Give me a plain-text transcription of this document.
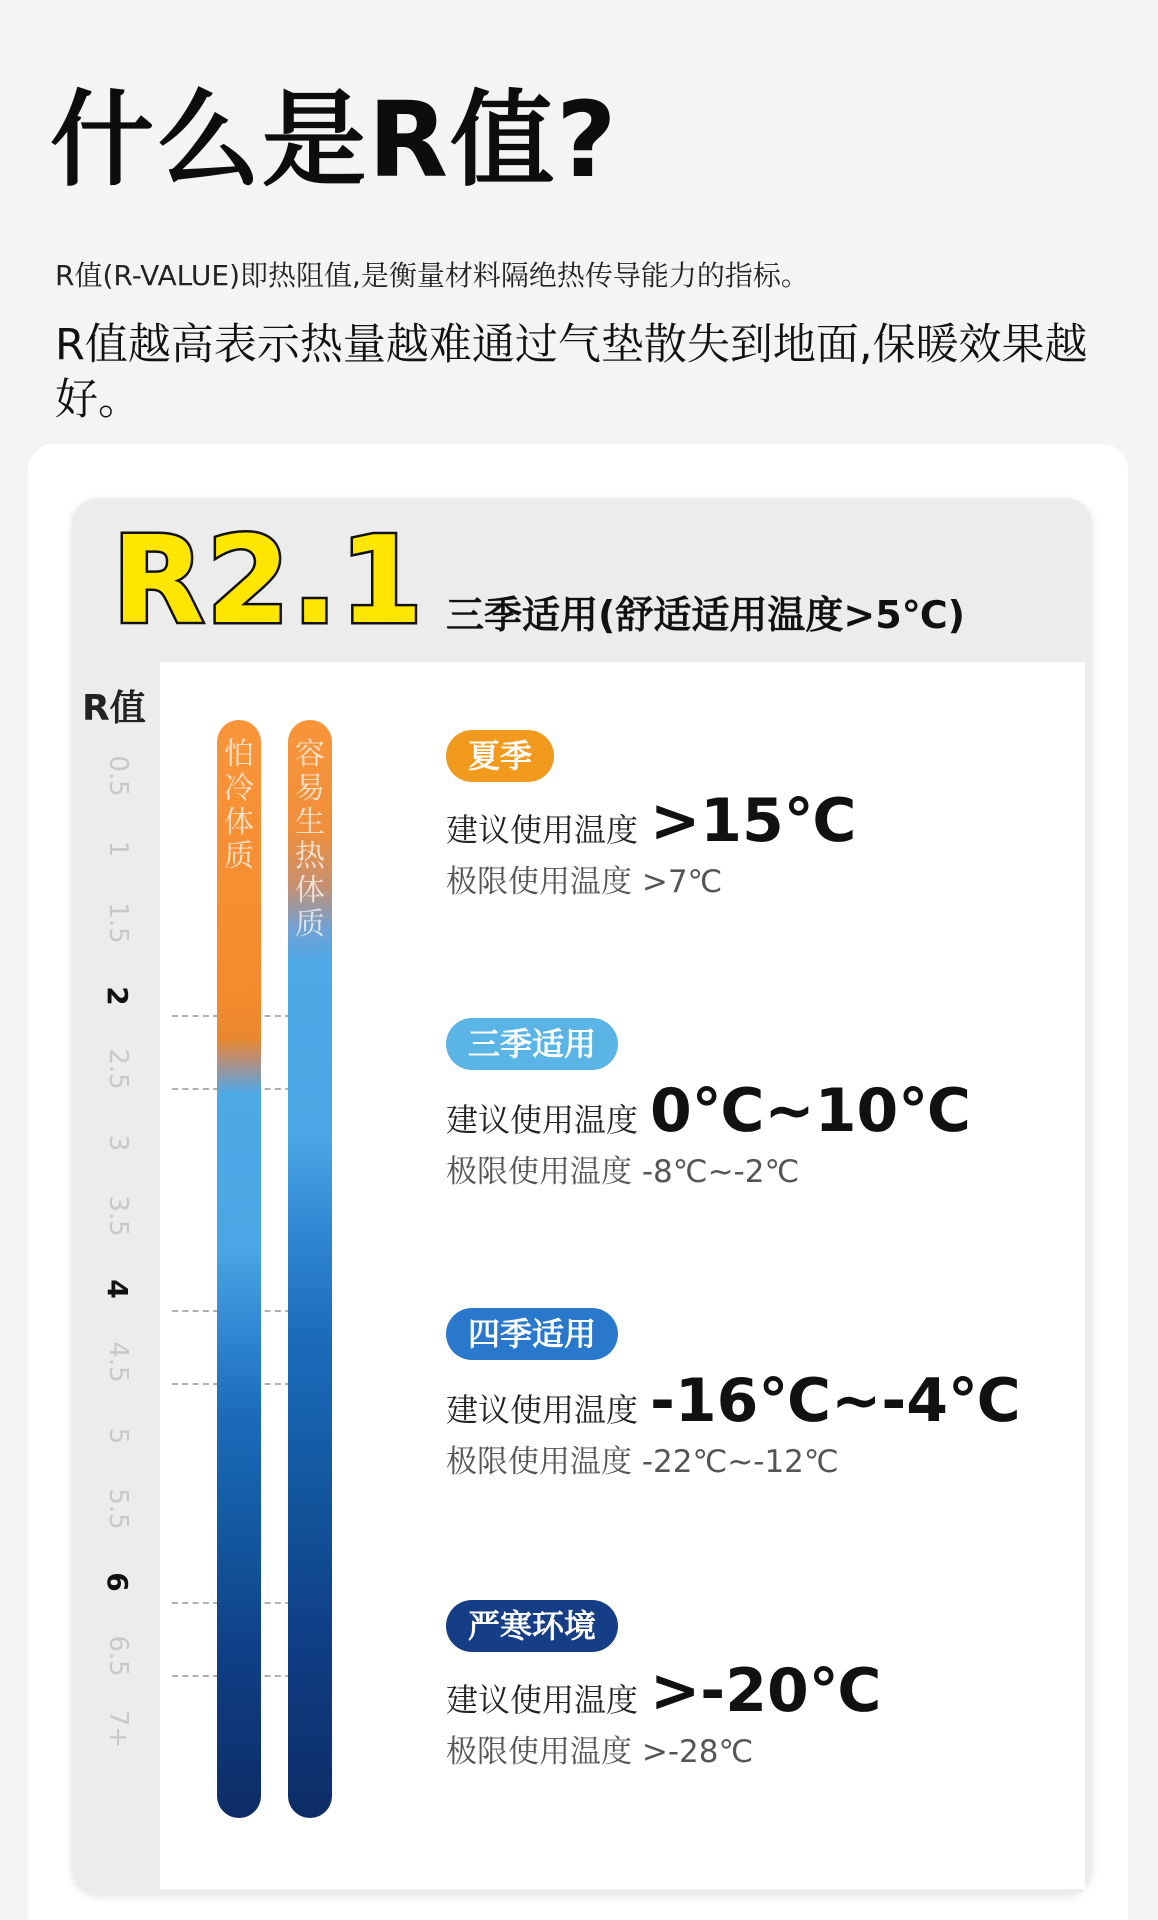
什么是R值?
R值(R-VALUE)即热阻值,是衡量材料隔绝热传导能力的指标。
R值越高表示热量越难通过气垫散失到地面,保暖效果越好。
R2.1 三季适用(舒适适用温度>5℃)
R值
0.5
1
1.5
2
2.5
3
3.5
4
4.5
5
5.5
6
6.5
7+
怕冷体质
容易生热体质
夏季
建议使用温度 >15℃
极限使用温度 >7℃
三季适用
建议使用温度 0℃~10℃
极限使用温度 -8℃~-2℃
四季适用
建议使用温度 -16℃~-4℃
极限使用温度 -22℃~-12℃
严寒环境
建议使用温度 >-20℃
极限使用温度 >-28℃
